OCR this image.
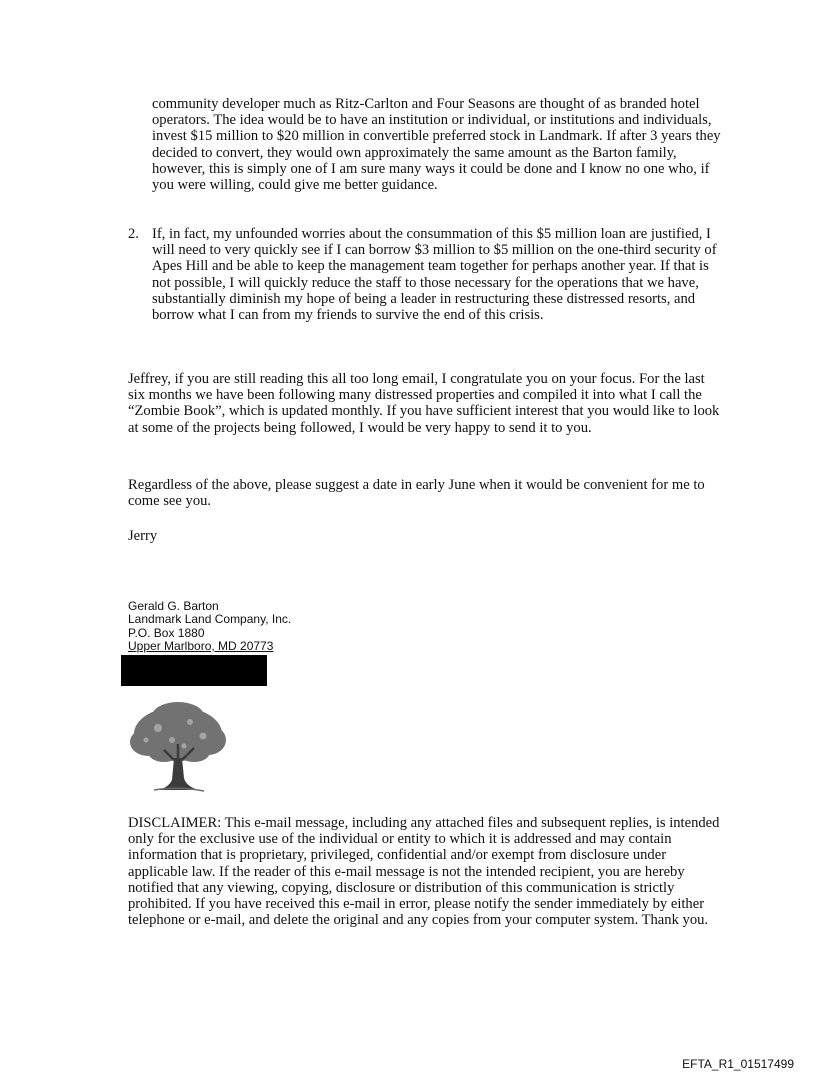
community developer much as Ritz-Carlton and Four Seasons are thought of as branded hotel operators. The idea would be to have an institution or individual, or institutions and individuals, invest $15 million to $20 million in convertible preferred stock in Landmark. If after 3 years they decided to convert, they would own approximately the same amount as the Barton family, however, this is simply one of I am sure many ways it could be done and I know no one who, if you were willing, could give me better guidance.

2. If, in fact, my unfounded worries about the consummation of this $5 million loan are justified, I will need to very quickly see if I can borrow $3 million to $5 million on the one-third security of Apes Hill and be able to keep the management team together for perhaps another year. If that is not possible, I will quickly reduce the staff to those necessary for the operations that we have, substantially diminish my hope of being a leader in restructuring these distressed resorts, and borrow what I can from my friends to survive the end of this crisis.

Jeffrey, if you are still reading this all too long email, I congratulate you on your focus. For the last six months we have been following many distressed properties and compiled it into what I call the “Zombie Book”, which is updated monthly. If you have sufficient interest that you would like to look at some of the projects being followed, I would be very happy to send it to you.

Regardless of the above, please suggest a date in early June when it would be convenient for me to come see you.

Jerry

Gerald G. Barton
Landmark Land Company, Inc.
P.O. Box 1880
Upper Marlboro, MD 20773

DISCLAIMER: This e-mail message, including any attached files and subsequent replies, is intended only for the exclusive use of the individual or entity to which it is addressed and may contain information that is proprietary, privileged, confidential and/or exempt from disclosure under applicable law. If the reader of this e-mail message is not the intended recipient, you are hereby notified that any viewing, copying, disclosure or distribution of this communication is strictly prohibited. If you have received this e-mail in error, please notify the sender immediately by either telephone or e-mail, and delete the original and any copies from your computer system. Thank you.

EFTA_R1_01517499
